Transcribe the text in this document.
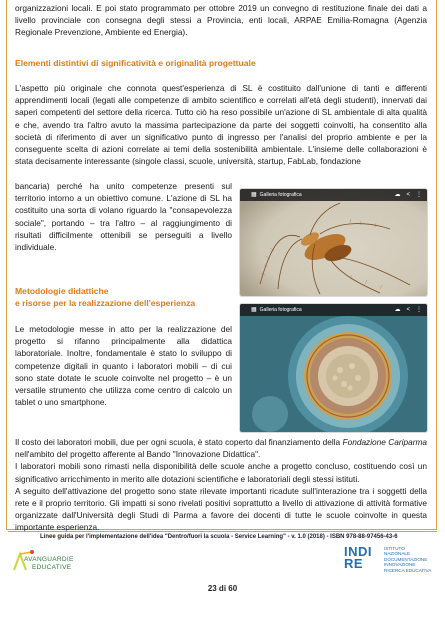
organizzazioni locali. E poi stato programmato per ottobre 2019 un convegno di restituzione finale dei dati a livello provinciale con consegna degli stessi a Provincia, enti locali, ARPAE Emilia-Romagna (Agenzia Regionale Prevenzione, Ambiente ed Energia).

Elementi distintivi di significatività e originalità progettuale

L'aspetto più originale che connota quest'esperienza di SL è costituito dall'unione di tanti e differenti apprendimenti locali (legati alle competenze di ambito scientifico e correlati all'età degli studenti), innervati dai saperi competenti del settore della ricerca. Tutto ciò ha reso possibile un'azione di SL ambientale di alta qualità e che, avendo tra l'altro avuto la massima partecipazione da parte dei soggetti coinvolti, ha consentito alla società di riferimento di aver un significativo punto di ingresso per l'analisi del proprio ambiente e per la conseguente scelta di azioni correlate ai temi della sostenibilità ambientale. L'insieme delle collaborazioni è stata decisamente interessante (singole classi, scuole, università, startup, FabLab, fondazione

bancaria) perché ha unito competenze presenti sul territorio intorno a un obiettivo comune. L'azione di SL ha costituito una sorta di volano riguardo la "consapevolezza sociale", portando – tra l'altro – al raggiungimento di risultati difficilmente ottenibili se perseguiti a livello individuale.

▦ Galleria fotografica	☁ < ⋮
Metodologie didattiche
e risorse per la realizzazione dell'esperienza

Le metodologie messe in atto per la realizzazione del progetto si rifanno principalmente alla didattica laboratoriale. Inoltre, fondamentale è stato lo sviluppo di competenze digitali in quanto i laboratori mobili – di cui sono state dotate le scuole coinvolte nel progetto – è un versatile strumento che utilizza come centro di calcolo un tablet o uno smartphone.

▦ Galleria fotografica	☁ < ⋮

Il costo dei laboratori mobili, due per ogni scuola, è stato coperto dal finanziamento della Fondazione Cariparma nell'ambito del progetto afferente al Bando "Innovazione Didattica".

I laboratori mobili sono rimasti nella disponibilità delle scuole anche a progetto concluso, costituendo così un significativo arricchimento in merito alle dotazioni scientifiche e laboratoriali degli stessi istituti.

A seguito dell'attivazione del progetto sono state rilevate importanti ricadute sull'interazione tra i soggetti della rete e il proprio territorio. Gli impatti si sono rivelati positivi soprattutto a livello di attivazione di attività formative organizzate dall'Università degli Studi di Parma a favore dei docenti di tutte le scuole coinvolte in questa importante esperienza.

Linee guida per l'implementazione dell'idea "Dentro/fuori la scuola - Service Learning" - v. 1.0 (2018) - ISBN 978-88-97456-43-6
AVANGUARDIE
EDUCATIVE
INDI RE
ISTITUTO
NAZIONALE
DOCUMENTAZIONE
INNOVAZIONE
RICERCA EDUCATIVA
23 di 60
